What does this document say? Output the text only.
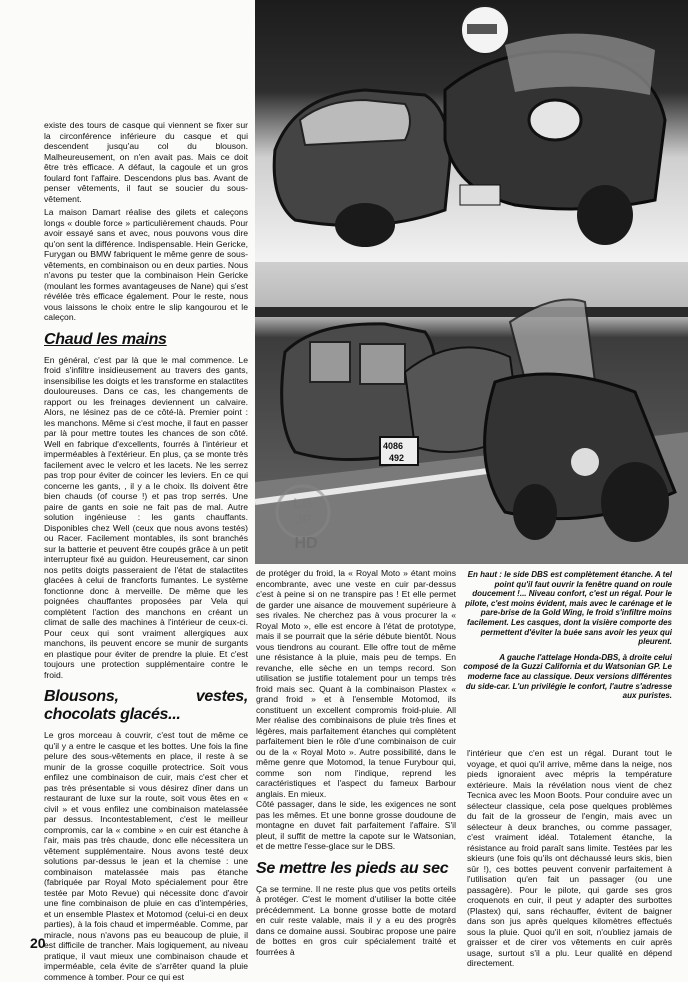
4086
492
LG
JP
HD

existe des tours de casque qui viennent se fixer sur la circonférence inférieure du casque et qui descendent jusqu'au col du blouson. Malheureusement, on n'en avait pas. Mais ce doit être très efficace. A défaut, la cagoule et un gros foulard font l'affaire. Descendons plus bas. Avant de penser vêtements, il faut se soucier du sous-vêtement.

La maison Damart réalise des gilets et caleçons longs « double force » particulièrement chauds. Pour avoir essayé sans et avec, nous pouvons vous dire qu'on sent la différence. Indispensable. Hein Gericke, Furygan ou BMW fabriquent le même genre de sous-vêtements, en combinaison ou en deux parties. Nous n'avons pu tester que la combinaison Hein Gericke (moulant les formes avantageuses de Nane) qui s'est révélée très efficace également. Pour le reste, nous vous laissons le choix entre le slip kangourou et le caleçon.

Chaud les mains

En général, c'est par là que le mal commence. Le froid s'infiltre insidieusement au travers des gants, insensibilise les doigts et les transforme en stalactites douloureuses. Dans ce cas, les changements de rapport ou les freinages deviennent un calvaire. Alors, ne lésinez pas de ce côté-là. Premier point : les manchons. Même si c'est moche, il faut en passer par là pour mettre toutes les chances de son côté. Well en fabrique d'excellents, fourrés à l'intérieur et imperméables à l'extérieur. En plus, ça se monte très facilement avec le velcro et les lacets. Ne les serrez pas trop pour éviter de coincer les leviers. En ce qui concerne les gants, , il y a le choix. Ils doivent être bien chauds (of course !) et pas trop serrés. Une paire de gants en soie ne fait pas de mal. Autre solution ingénieuse : les gants chauffants. Disponibles chez Well (ceux que nous avons testés) ou Racer. Facilement montables, ils sont branchés sur la batterie et peuvent être coupés grâce à un petit interrupteur fixé au guidon. Heureusement, car sinon nos petits doigts passeraient de l'état de stalactites glacées à celui de francforts fumantes. Le système fonctionne donc à merveille. De même que les poignées chauffantes proposées par Vela qui complètent l'action des manchons en créant un climat de salle des machines à l'intérieur de ceux-ci. Pour ceux qui sont vraiment allergiques aux manchons, ils peuvent encore se munir de surgants en plastique pour éviter de prendre la pluie. Et c'est toujours une protection supplémentaire contre le froid.

Blousons, vestes, chocolats glacés...

Le gros morceau à couvrir, c'est tout de même ce qu'il y a entre le casque et les bottes. Une fois la fine pelure des sous-vêtements en place, il reste à se munir de la grosse coquille protectrice. Soit vous enfilez une combinaison de cuir, mais c'est cher et pas très présentable si vous désirez dîner dans un restaurant de luxe sur la route, soit vous êtes en « civil » et vous enfilez une combinaison matelassée par dessus. Incontestablement, c'est le meilleur compromis, car la « combine » en cuir est étanche à l'air, mais pas très chaude, donc elle nécessitera un vêtement supplémentaire. Nous avons testé deux solutions par-dessus le jean et la chemise : une combinaison matelassée mais pas étanche (fabriquée par Royal Moto spécialement pour être testée par Moto Revue) qui nécessite donc d'avoir une fine combinaison de pluie en cas d'intempéries, et un ensemble Plastex et Motomod (celui-ci en deux parties), à la fois chaud et imperméable. Comme, par miracle, nous n'avons pas eu beaucoup de pluie, il est difficile de trancher. Mais logiquement, au niveau pratique, il vaut mieux une combinaison chaude et imperméable, cela évite de s'arrêter quand la pluie commence à tomber. Pour ce qui est

de protéger du froid, la « Royal Moto » étant moins encombrante, avec une veste en cuir par-dessus c'est à peine si on ne transpire pas ! Et elle permet de garder une aisance de mouvement supérieure à ses rivales. Ne cherchez pas à vous procurer la « Royal Moto », elle est encore à l'état de prototype, mais il se pourrait que la série débute bientôt. Nous vous tiendrons au courant. Elle offre tout de même une résistance à la pluie, mais peu de temps. En revanche, elle sèche en un temps record. Son utilisation se justifie totalement pour un temps très froid mais sec. Quant à la combinaison Plastex « grand froid » et à l'ensemble Motomod, ils constituent un excellent compromis froid-pluie. All Mer réalise des combinaisons de pluie très fines et légères, mais parfaitement étanches qui complètent parfaitement bien le rôle d'une combinaison de cuir ou de la « Royal Moto ». Autre possibilité, dans le même genre que Motomod, la tenue Furybour qui, comme son nom l'indique, reprend les caractéristiques et l'aspect du fameux Barbour anglais. En mieux.

Côté passager, dans le side, les exigences ne sont pas les mêmes. Et une bonne grosse doudoune de montagne en duvet fait parfaitement l'affaire. S'il pleut, il suffit de mettre la capote sur le Watsonian, et de mettre l'esse-glace sur le DBS.

Se mettre les pieds au sec

Ça se termine. Il ne reste plus que vos petits orteils à protéger. C'est le moment d'utiliser la botte citée précédemment. La bonne grosse botte de motard en cuir reste valable, mais il y a eu des progrès dans ce domaine aussi. Soubirac propose une paire de bottes en gros cuir spécialement traité et fourrées à

En haut : le side DBS est complètement étanche. A tel point qu'il faut ouvrir la fenêtre quand on roule doucement !... Niveau confort, c'est un régal. Pour le pilote, c'est moins évident, mais avec le carénage et le pare-brise de la Gold Wing, le froid s'infiltre moins facilement. Les casques, dont la visière comporte des permettent d'éviter la buée sans avoir les yeux qui pleurent.

A gauche l'attelage Honda-DBS, à droite celui composé de la Guzzi California et du Watsonian GP. Le moderne face au classique. Deux versions différentes du side-car. L'un privilégie le confort, l'autre s'adresse aux puristes.

l'intérieur que c'en est un régal. Durant tout le voyage, et quoi qu'il arrive, même dans la neige, nos pieds ignoraient avec mépris la température extérieure. Mais la révélation nous vient de chez Tecnica avec les Moon Boots. Pour conduire avec un sélecteur classique, cela pose quelques problèmes du fait de la grosseur de l'engin, mais avec un sélecteur à deux branches, ou comme passager, c'est vraiment idéal. Totalement étanche, la résistance au froid paraît sans limite. Testées par les skieurs (une fois qu'ils ont déchaussé leurs skis, bien sûr !), ces bottes peuvent convenir parfaitement à l'utilisation qu'en fait un passager (ou une passagère). Pour le pilote, qui garde ses gros croquenots en cuir, il peut y adapter des surbottes (Plastex) qui, sans réchauffer, évitent de baigner dans son jus après quelques kilomètres effectués sous la pluie. Quoi qu'il en soit, n'oubliez jamais de graisser et de cirer vos vêtements en cuir après usage, surtout s'il a plu. Leur qualité en dépend directement.

20
